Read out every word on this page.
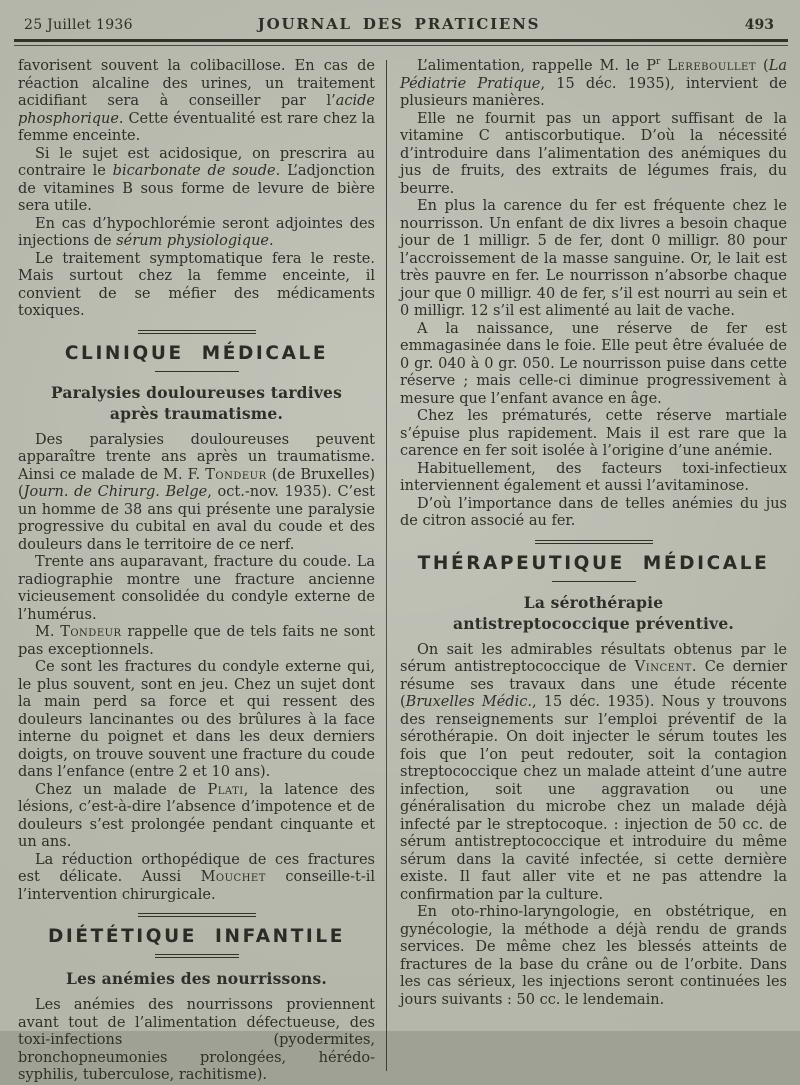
25 Juillet 1936	JOURNAL DES PRATICIENS	493

favorisent souvent la colibacillose. En cas de réaction alcaline des urines, un traitement acidifiant sera à conseiller par l’acide phosphorique. Cette éventualité est rare chez la femme enceinte.

Si le sujet est acidosique, on prescrira au contraire le bicarbonate de soude. L’adjonction de vitamines B sous forme de levure de bière sera utile.

En cas d’hypochlorémie seront adjointes des injections de sérum physiologique.

Le traitement symptomatique fera le reste. Mais surtout chez la femme enceinte, il convient de se méfier des médicaments toxiques.

CLINIQUE MÉDICALE
Paralysies douloureuses tardives
après traumatisme.

Des paralysies douloureuses peuvent apparaître trente ans après un traumatisme. Ainsi ce malade de M. F. Tondeur (de Bruxelles) (Journ. de Chirurg. Belge, oct.-nov. 1935). C’est un homme de 38 ans qui présente une paralysie progressive du cubital en aval du coude et des douleurs dans le territoire de ce nerf.

Trente ans auparavant, fracture du coude. La radiographie montre une fracture ancienne vicieusement consolidée du condyle externe de l’humérus.

M. Tondeur rappelle que de tels faits ne sont pas exceptionnels.

Ce sont les fractures du condyle externe qui, le plus souvent, sont en jeu. Chez un sujet dont la main perd sa force et qui ressent des douleurs lancinantes ou des brûlures à la face interne du poignet et dans les deux derniers doigts, on trouve souvent une fracture du coude dans l’enfance (entre 2 et 10 ans).

Chez un malade de Plati, la latence des lésions, c’est-à-dire l’absence d’impotence et de douleurs s’est prolongée pendant cinquante et un ans.

La réduction orthopédique de ces fractures est délicate. Aussi Mouchet conseille-t-il l’intervention chirurgicale.

DIÉTÉTIQUE INFANTILE
Les anémies des nourrissons.

Les anémies des nourrissons proviennent avant tout de l’alimentation défectueuse, des toxi-infections (pyodermites, bronchopneumonies prolongées, hérédo-syphilis, tuberculose, rachitisme).

L’alimentation, rappelle M. le $P^r$ Lereboullet (La Pédiatrie Pratique, 15 déc. 1935), intervient de plusieurs manières.

Elle ne fournit pas un apport suffisant de la vitamine C antiscorbutique. D’où la nécessité d’introduire dans l’alimentation des anémiques du jus de fruits, des extraits de légumes frais, du beurre.

En plus la carence du fer est fréquente chez le nourrisson. Un enfant de dix livres a besoin chaque jour de 1 milligr. 5 de fer, dont 0 milligr. 80 pour l’accroissement de la masse sanguine. Or, le lait est très pauvre en fer. Le nourrisson n’absorbe chaque jour que 0 milligr. 40 de fer, s’il est nourri au sein et 0 milligr. 12 s’il est alimenté au lait de vache.

A la naissance, une réserve de fer est emmagasinée dans le foie. Elle peut être évaluée de 0 gr. 040 à 0 gr. 050. Le nourrisson puise dans cette réserve ; mais celle-ci diminue progressivement à mesure que l’enfant avance en âge.

Chez les prématurés, cette réserve martiale s’épuise plus rapidement. Mais il est rare que la carence en fer soit isolée à l’origine d’une anémie.

Habituellement, des facteurs toxi-infectieux interviennent également et aussi l’avitaminose.

D’où l’importance dans de telles anémies du jus de citron associé au fer.

THÉRAPEUTIQUE MÉDICALE
La sérothérapie
antistreptococcique préventive.

On sait les admirables résultats obtenus par le sérum antistreptococcique de Vincent. Ce dernier résume ses travaux dans une étude récente (Bruxelles Médic., 15 déc. 1935). Nous y trouvons des renseignements sur l’emploi préventif de la sérothérapie. On doit injecter le sérum toutes les fois que l’on peut redouter, soit la contagion streptococcique chez un malade atteint d’une autre infection, soit une aggravation ou une généralisation du microbe chez un malade déjà infecté par le streptocoque. : injection de 50 cc. de sérum antistreptococcique et introduire du même sérum dans la cavité infectée, si cette dernière existe. Il faut aller vite et ne pas attendre la confirmation par la culture.

En oto-rhino-laryngologie, en obstétrique, en gynécologie, la méthode a déjà rendu de grands services. De même chez les blessés atteints de fractures de la base du crâne ou de l’orbite. Dans les cas sérieux, les injections seront continuées les jours suivants : 50 cc. le lendemain.
